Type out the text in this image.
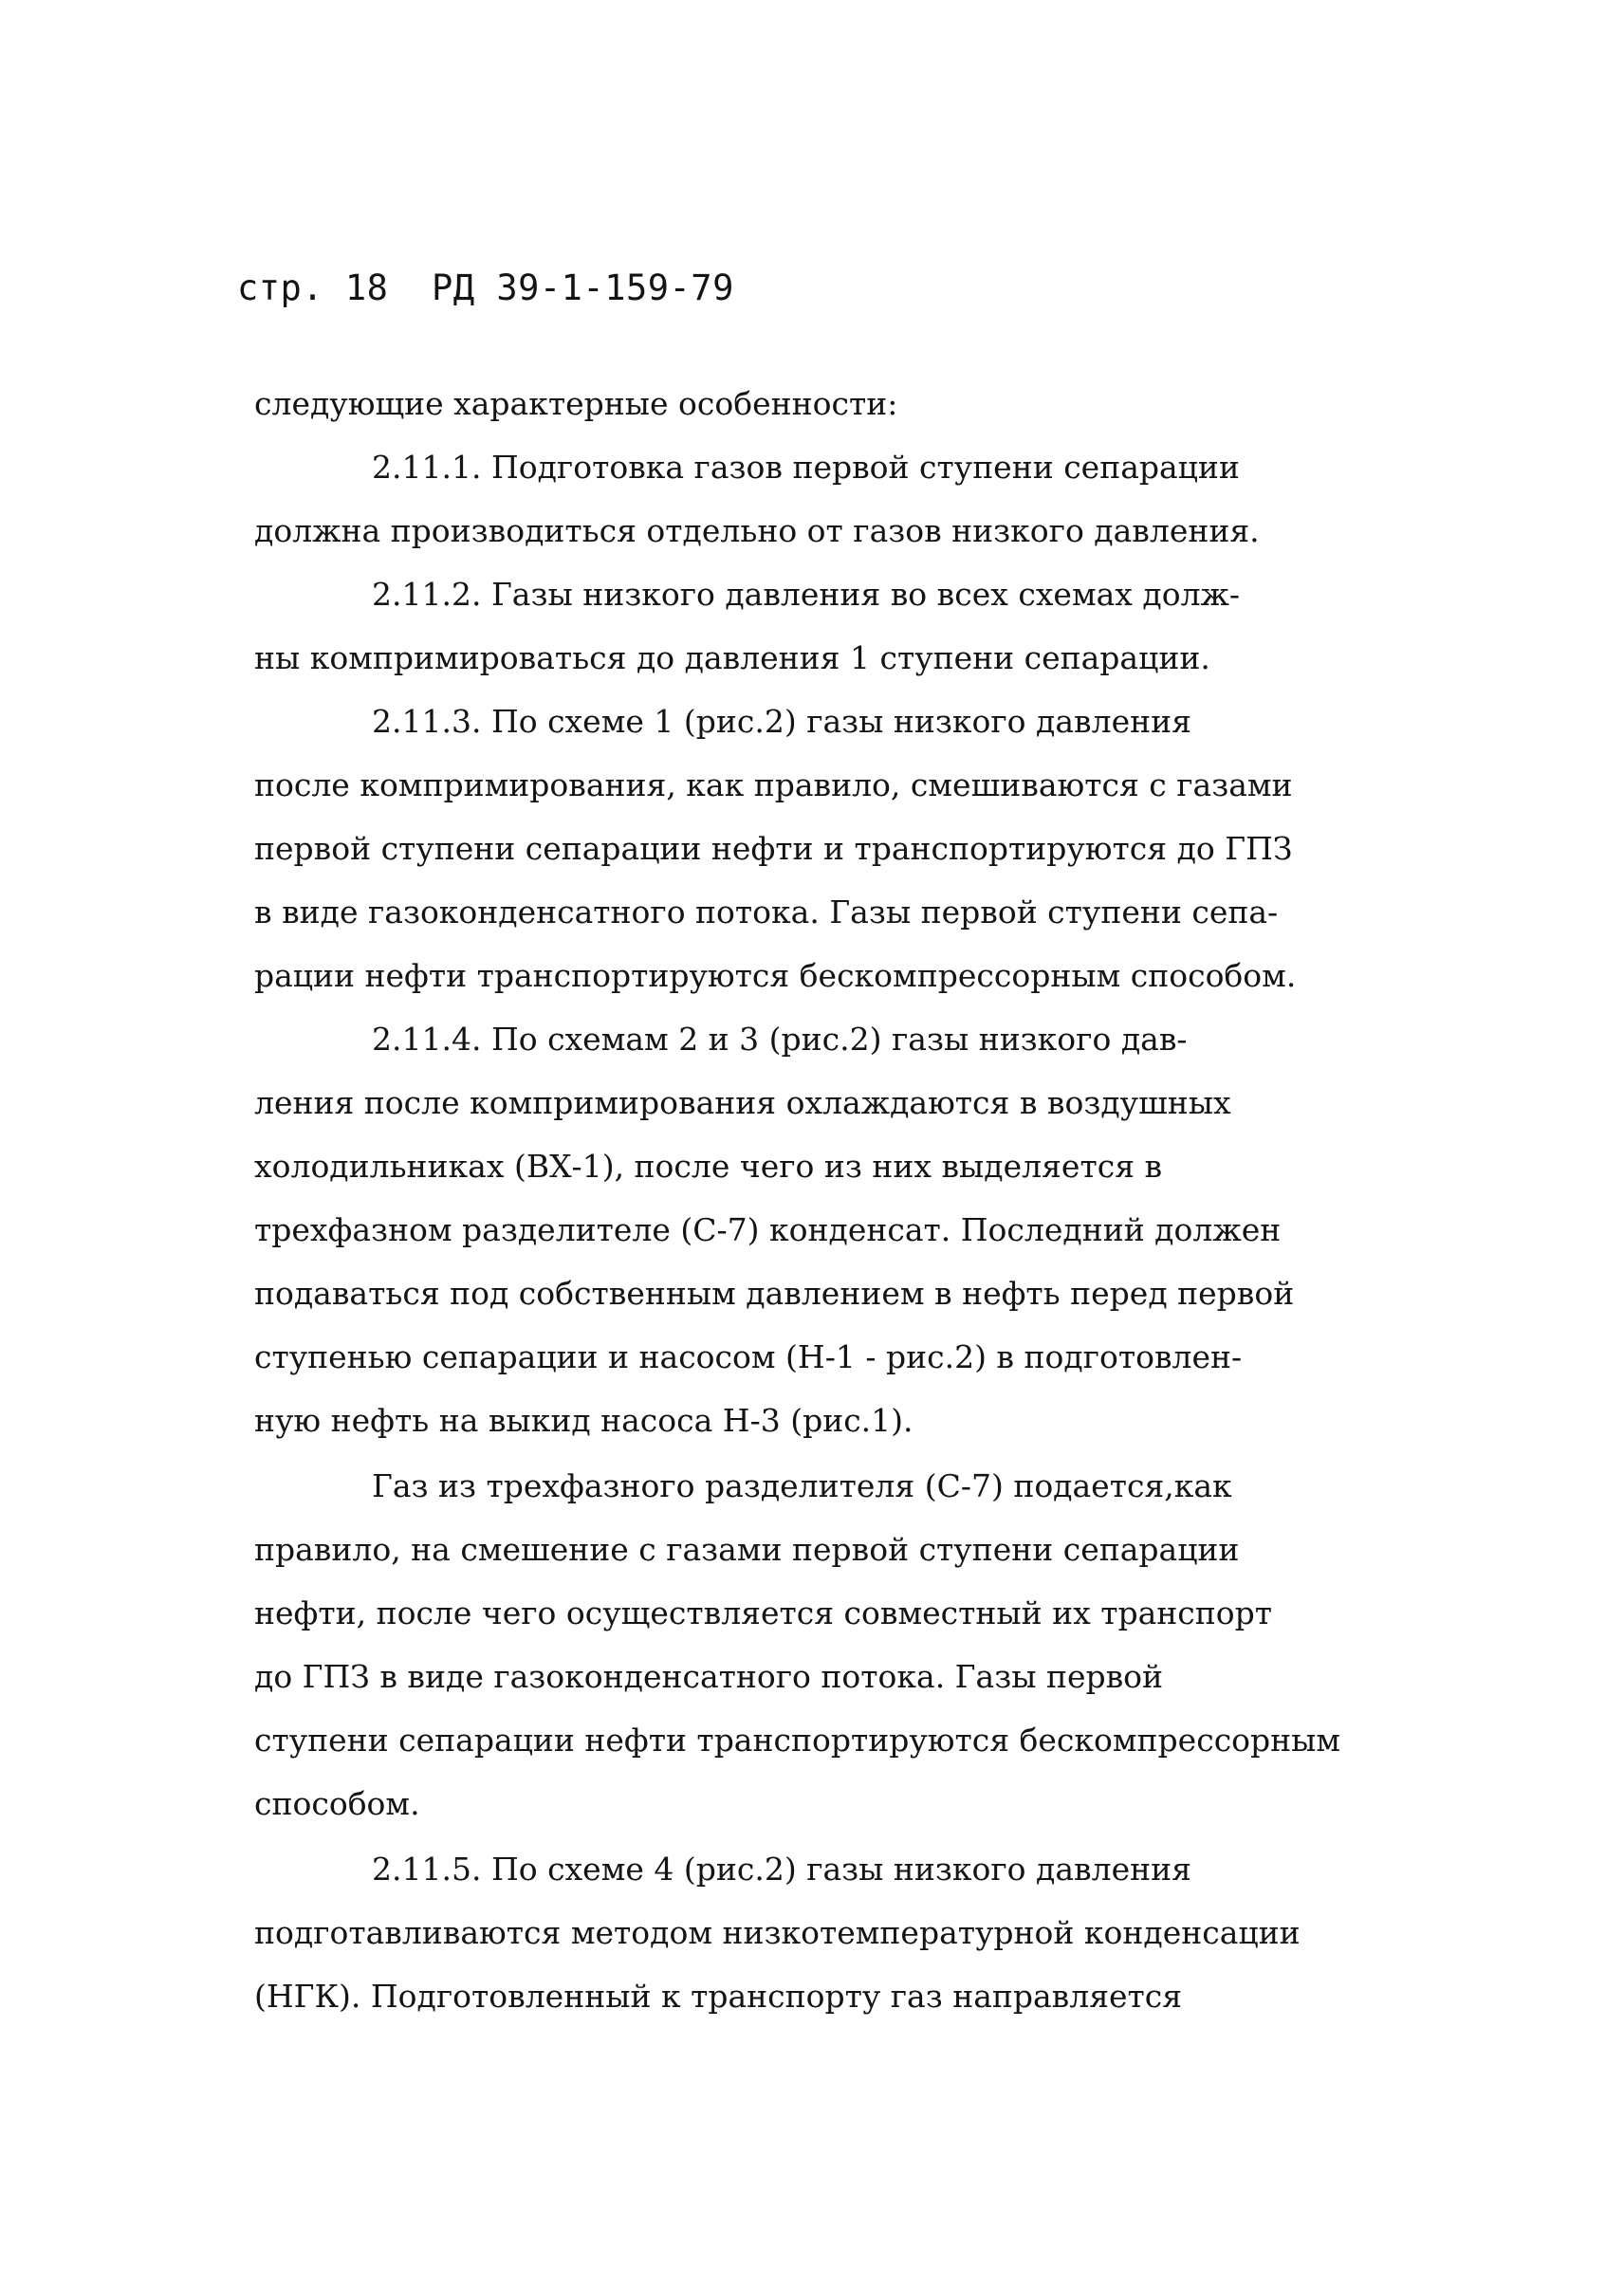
стр. 18 РД 39-1-159-79
следующие характерные особенности:
2.11.1. Подготовка газов первой ступени сепарации
должна производиться отдельно от газов низкого давления.
2.11.2. Газы низкого давления во всех схемах долж-
ны компримироваться до давления 1 ступени сепарации.
2.11.3. По схеме 1 (рис.2) газы низкого давления
после компримирования, как правило, смешиваются с газами
первой ступени сепарации нефти и транспортируются до ГПЗ
в виде газоконденсатного потока. Газы первой ступени сепа-
рации нефти транспортируются бескомпрессорным способом.
2.11.4. По схемам 2 и 3 (рис.2) газы низкого дав-
ления после компримирования охлаждаются в воздушных
холодильниках (ВХ-1), после чего из них выделяется в
трехфазном разделителе (С-7) конденсат. Последний должен
подаваться под собственным давлением в нефть перед первой
ступенью сепарации и насосом (Н-1 - рис.2) в подготовлен-
ную нефть на выкид насоса Н-3 (рис.1).
Газ из трехфазного разделителя (С-7) подается,как
правило, на смешение с газами первой ступени сепарации
нефти, после чего осуществляется совместный их транспорт
до ГПЗ в виде газоконденсатного потока. Газы первой
ступени сепарации нефти транспортируются бескомпрессорным
способом.
2.11.5. По схеме 4 (рис.2) газы низкого давления
подготавливаются методом низкотемпературной конденсации
(НГК). Подготовленный к транспорту газ направляется
